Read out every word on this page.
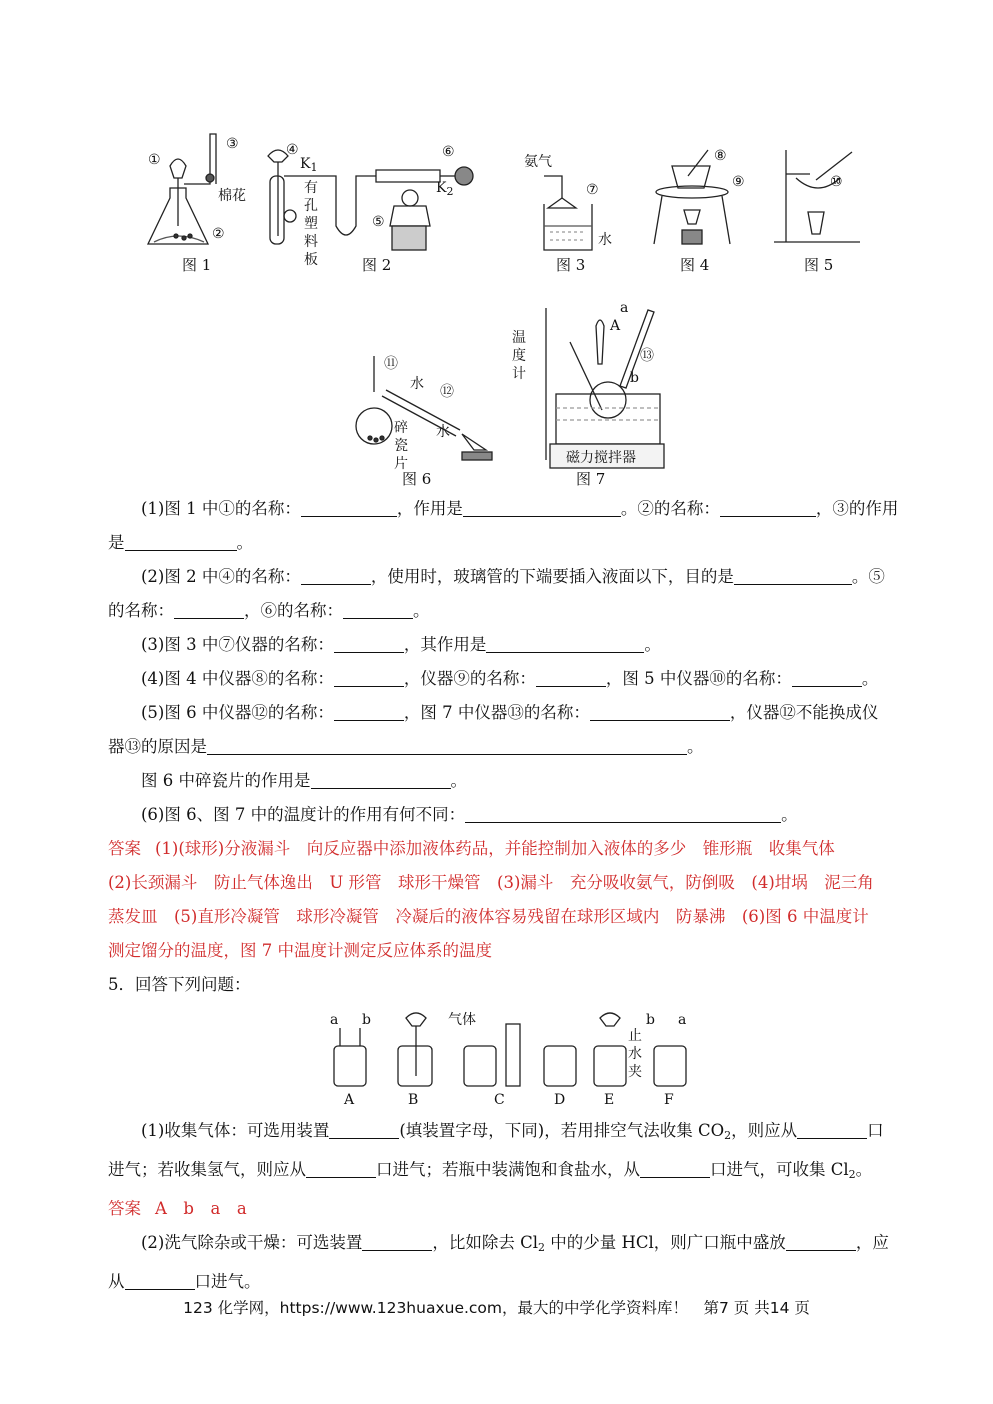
①
③
②
棉花
图 1
④
$K_1$
⑥
$K_2$
⑤
有
孔
塑
料
板	图 2
氨气
⑦
水
图 3
⑧
⑨
图 4
⑩
图 5
⑪
水 ⑫
水
碎
瓷
片
图 6
温
度
计
a
A
⑬
b
磁力搅拌器
图 7

(1)图 1 中①的名称：	，作用是	。②的名称：	，③的作用

是	。

(2)图 2 中④的名称：	，使用时，玻璃管的下端要插入液面以下，目的是	。⑤

的名称：	，⑥的名称：	。

(3)图 3 中⑦仪器的名称：	，其作用是	。

(4)图 4 中仪器⑧的名称：	，仪器⑨的名称：	，图 5 中仪器⑩的名称：	。

(5)图 6 中仪器⑫的名称：	，图 7 中仪器⑬的名称：	，仪器⑫不能换成仪

器⑬的原因是	。

图 6 中碎瓷片的作用是	。

(6)图 6、图 7 中的温度计的作用有何不同：	。

答案 (1)(球形)分液漏斗　向反应器中添加液体药品，并能控制加入液体的多少　锥形瓶　收集气体

(2)长颈漏斗　防止气体逸出　U 形管　球形干燥管　(3)漏斗　充分吸收氨气，防倒吸　(4)坩埚　泥三角

蒸发皿　(5)直形冷凝管　球形冷凝管　冷凝后的液体容易残留在球形区域内　防暴沸　(6)图 6 中温度计

测定馏分的温度，图 7 中温度计测定反应体系的温度

5．回答下列问题：

a b	气体
止
水
夹
b a
A	B	C	D	E	F

(1)收集气体：可选用装置	(填装置字母，下同)，若用排空气法收集 $CO_2$，则应从	口

进气；若收集氢气，则应从	口进气；若瓶中装满饱和食盐水，从	口进气，可收集 $Cl_2$。

答案 A　b　a　a

(2)洗气除杂或干燥：可选装置	，比如除去 $Cl_2$ 中的少量 HCl，则广口瓶中盛放	，应

从	口进气。

123 化学网，https://www.123huaxue.com，最大的中学化学资料库！　第7 页 共14 页
